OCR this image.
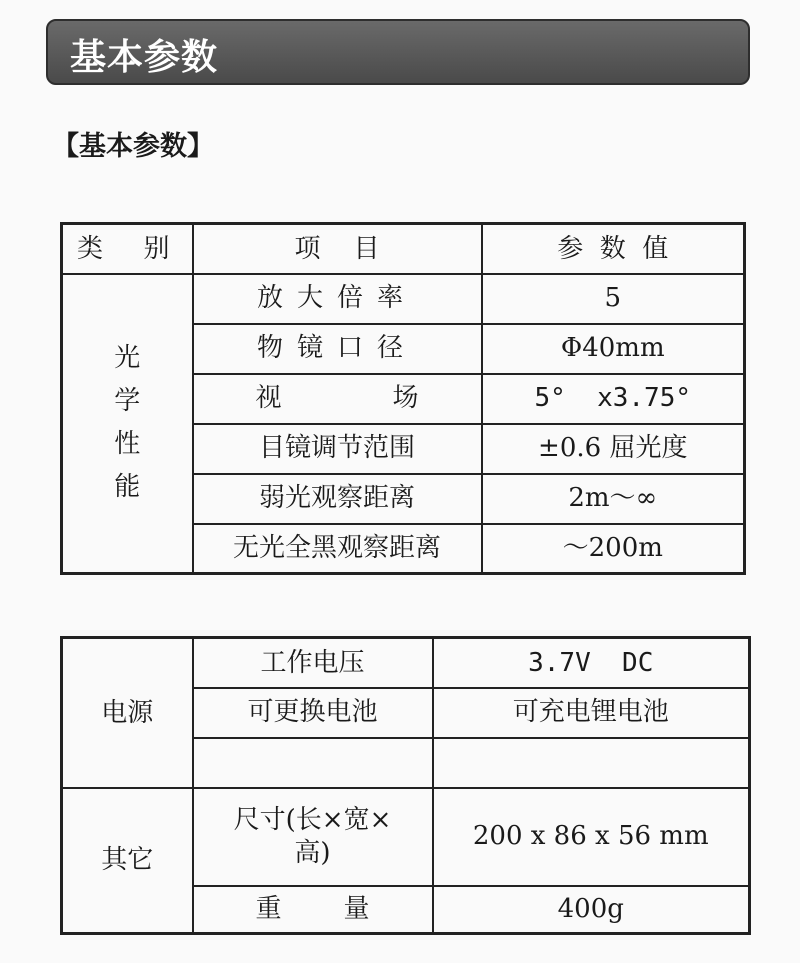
基本参数
【基本参数】
类  别	项    目	参  数  值

光
学
性
能	放大倍率	5
	物镜口径	Φ40mm

	视 场	5°  x3.75°
	目镜调节范围	±0.6 屈光度
	弱光观察距离	2m～∞
	无光全黑观察距离	～200m
电源	工作电压	3.7V  DC
	可更换电池	可充电锂电池

其它	尺寸(长×宽×
高)	200 x 86 x 56 mm

	重 量	400g
